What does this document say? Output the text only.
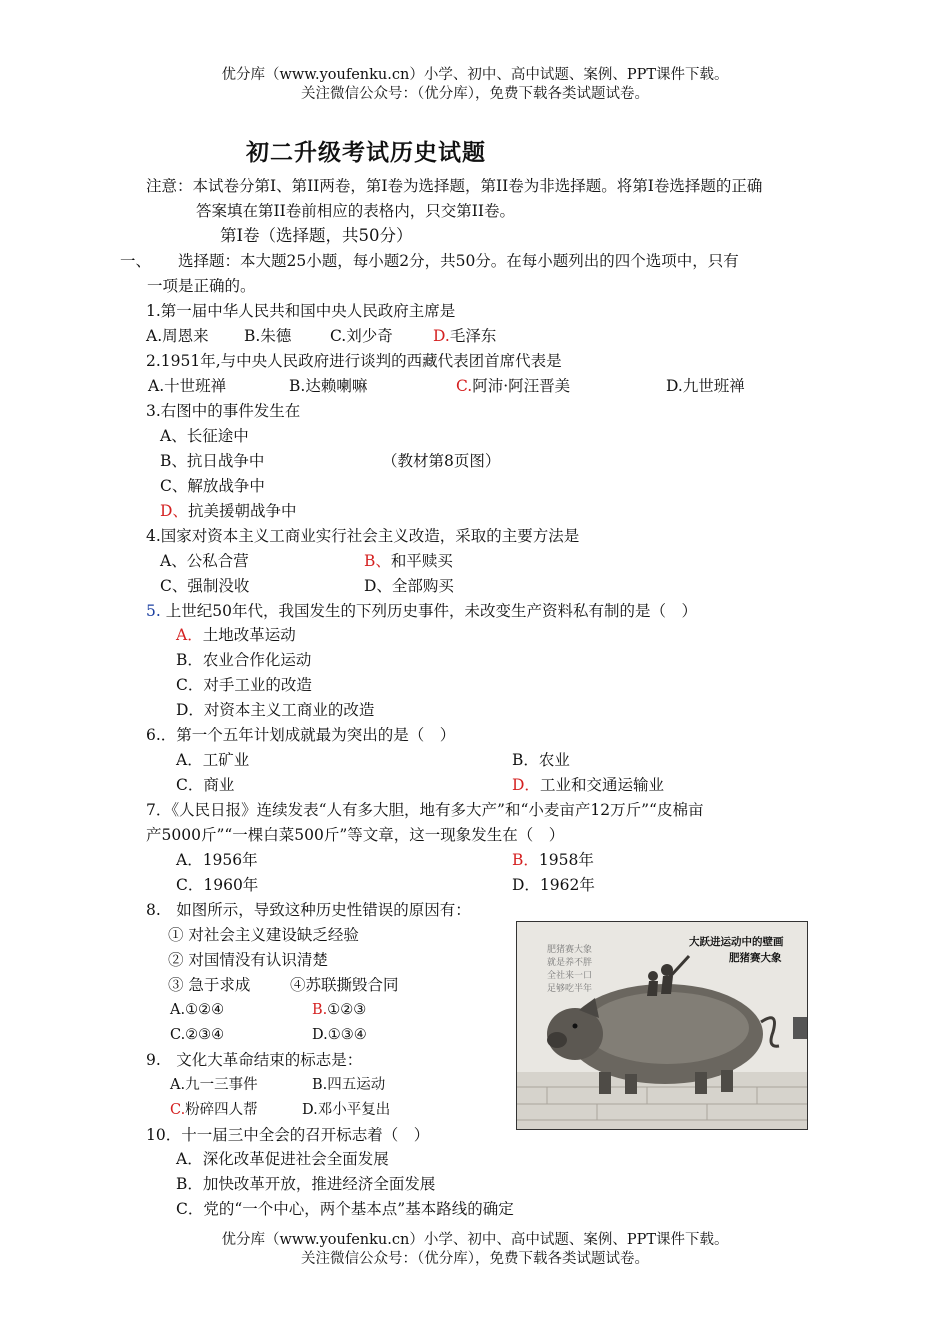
优分库（www.youfenku.cn）小学、初中、高中试题、案例、PPT课件下载。
关注微信公众号：（优分库），免费下载各类试题试卷。
初二升级考试历史试题
注意：本试卷分第I、第II两卷，第I卷为选择题，第II卷为非选择题。将第I卷选择题的正确
答案填在第II卷前相应的表格内，只交第II卷。
第I卷（选择题，共50分）
一、 选择题：本大题25小题，每小题2分，共50分。在每小题列出的四个选项中，只有
一项是正确的。
1.第一届中华人民共和国中央人民政府主席是
A.周恩来 B.朱德 C.刘少奇	D.毛泽东
2.1951年,与中央人民政府进行谈判的西藏代表团首席代表是
A.十世班禅	B.达赖喇嘛	C.阿沛·阿汪晋美	D.九世班禅
3.右图中的事件发生在
A、长征途中
B、抗日战争中	（教材第8页图）
C、解放战争中
D、抗美援朝战争中
4.国家对资本主义工商业实行社会主义改造，采取的主要方法是
A、公私合营	B、和平赎买
C、强制没收	D、全部购买
5. 上世纪50年代，我国发生的下列历史事件，未改变生产资料私有制的是（　）
A．土地改革运动
B．农业合作化运动
C．对手工业的改造
D．对资本主义工商业的改造
6.．第一个五年计划成就最为突出的是（　）
A．工矿业	B．农业
C．商业	D．工业和交通运输业
7．《人民日报》连续发表“人有多大胆，地有多大产”和“小麦亩产12万斤”“皮棉亩
产5000斤”“一棵白菜500斤”等文章，这一现象发生在（　）
A．1956年	B．1958年
C．1960年	D．1962年
8.　如图所示，导致这种历史性错误的原因有：
① 对社会主义建设缺乏经验
② 对国情没有认识清楚
③ 急于求成	④苏联撕毁合同
A.①②④	B.①②③
C.②③④	D.①③④
肥猪赛大象
就是养不胖
全社来一口
足够吃半年
大跃进运动中的壁画
肥猪赛大象
9.　文化大革命结束的标志是：
A.九一三事件	B.四五运动
C.粉碎四人帮	D.邓小平复出
10．十一届三中全会的召开标志着（　）
A．深化改革促进社会全面发展
B．加快改革开放，推进经济全面发展
C．党的“一个中心，两个基本点”基本路线的确定
优分库（www.youfenku.cn）小学、初中、高中试题、案例、PPT课件下载。
关注微信公众号：（优分库），免费下载各类试题试卷。
